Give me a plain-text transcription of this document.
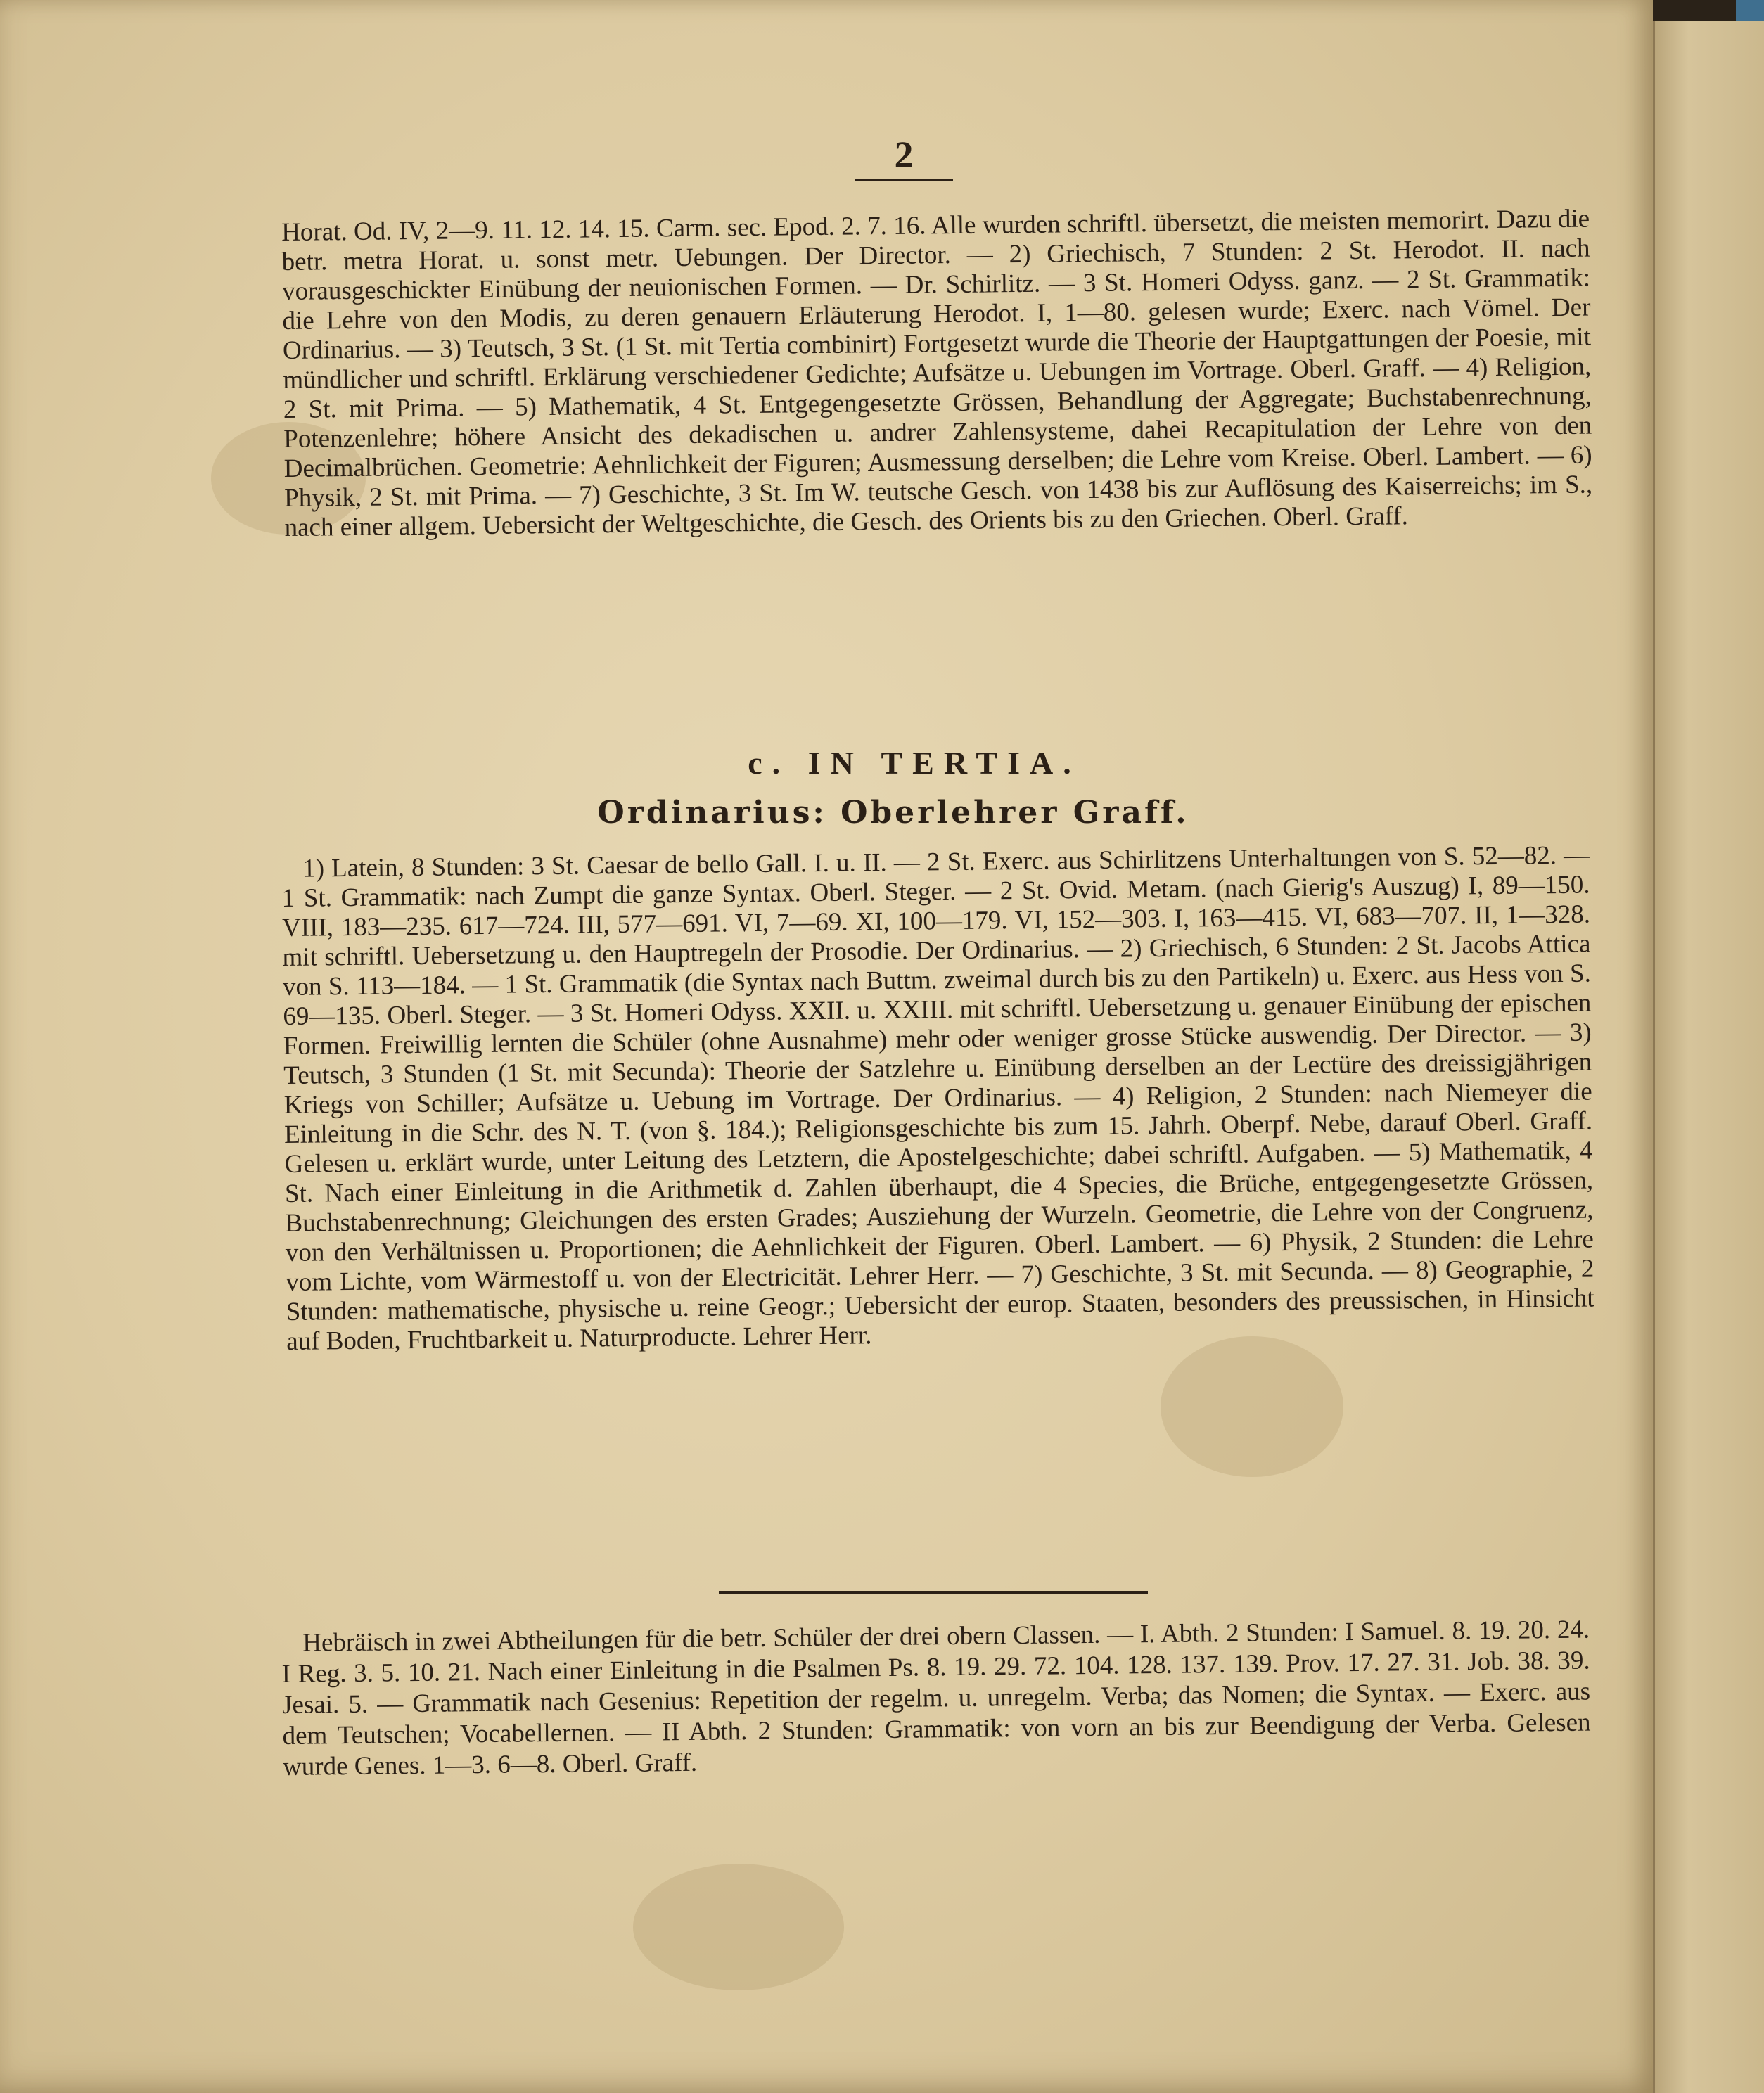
2

Horat. Od. IV, 2—9. 11. 12. 14. 15. Carm. sec. Epod. 2. 7. 16. Alle wurden schriftl. übersetzt, die meisten memorirt. Dazu die betr. metra Horat. u. sonst metr. Uebungen. Der Director. — 2) Griechisch, 7 Stunden: 2 St. Herodot. II. nach vorausgeschickter Einübung der neuionischen Formen. — Dr. Schirlitz. — 3 St. Homeri Odyss. ganz. — 2 St. Grammatik: die Lehre von den Modis, zu deren genauern Erläuterung Herodot. I, 1—80. gelesen wurde; Exerc. nach Vömel. Der Ordinarius. — 3) Teutsch, 3 St. (1 St. mit Tertia combinirt) Fortgesetzt wurde die Theorie der Hauptgattungen der Poesie, mit mündlicher und schriftl. Erklärung verschiedener Gedichte; Aufsätze u. Uebungen im Vortrage. Oberl. Graff. — 4) Religion, 2 St. mit Prima. — 5) Mathematik, 4 St. Entgegengesetzte Grössen, Behandlung der Aggregate; Buchstabenrechnung, Potenzenlehre; höhere Ansicht des dekadischen u. andrer Zahlensysteme, dahei Recapitulation der Lehre von den Decimalbrüchen. Geometrie: Aehnlichkeit der Figuren; Ausmessung derselben; die Lehre vom Kreise. Oberl. Lambert. — 6) Physik, 2 St. mit Prima. — 7) Geschichte, 3 St. Im W. teutsche Gesch. von 1438 bis zur Auflösung des Kaiserreichs; im S., nach einer allgem. Uebersicht der Weltgeschichte, die Gesch. des Orients bis zu den Griechen. Oberl. Graff.

c. IN TERTIA.
Ordinarius: Oberlehrer Graff.

1) Latein, 8 Stunden: 3 St. Caesar de bello Gall. I. u. II. — 2 St. Exerc. aus Schirlitzens Unterhaltungen von S. 52—82. — 1 St. Grammatik: nach Zumpt die ganze Syntax. Oberl. Steger. — 2 St. Ovid. Metam. (nach Gierig's Auszug) I, 89—150. VIII, 183—235. 617—724. III, 577—691. VI, 7—69. XI, 100—179. VI, 152—303. I, 163—415. VI, 683—707. II, 1—328. mit schriftl. Uebersetzung u. den Hauptregeln der Prosodie. Der Ordinarius. — 2) Griechisch, 6 Stunden: 2 St. Jacobs Attica von S. 113—184. — 1 St. Grammatik (die Syntax nach Buttm. zweimal durch bis zu den Partikeln) u. Exerc. aus Hess von S. 69—135. Oberl. Steger. — 3 St. Homeri Odyss. XXII. u. XXIII. mit schriftl. Uebersetzung u. genauer Einübung der epischen Formen. Freiwillig lernten die Schüler (ohne Ausnahme) mehr oder weniger grosse Stücke auswendig. Der Director. — 3) Teutsch, 3 Stunden (1 St. mit Secunda): Theorie der Satzlehre u. Einübung derselben an der Lectüre des dreissigjährigen Kriegs von Schiller; Aufsätze u. Uebung im Vortrage. Der Ordinarius. — 4) Religion, 2 Stunden: nach Niemeyer die Einleitung in die Schr. des N. T. (von §. 184.); Religionsgeschichte bis zum 15. Jahrh. Oberpf. Nebe, darauf Oberl. Graff. Gelesen u. erklärt wurde, unter Leitung des Letztern, die Apostelgeschichte; dabei schriftl. Aufgaben. — 5) Mathematik, 4 St. Nach einer Einleitung in die Arithmetik d. Zahlen überhaupt, die 4 Species, die Brüche, entgegengesetzte Grössen, Buchstabenrechnung; Gleichungen des ersten Grades; Ausziehung der Wurzeln. Geometrie, die Lehre von der Congruenz, von den Verhältnissen u. Proportionen; die Aehnlichkeit der Figuren. Oberl. Lambert. — 6) Physik, 2 Stunden: die Lehre vom Lichte, vom Wärmestoff u. von der Electricität. Lehrer Herr. — 7) Geschichte, 3 St. mit Secunda. — 8) Geographie, 2 Stunden: mathematische, physische u. reine Geogr.; Uebersicht der europ. Staaten, besonders des preussischen, in Hinsicht auf Boden, Fruchtbarkeit u. Naturproducte. Lehrer Herr.

Hebräisch in zwei Abtheilungen für die betr. Schüler der drei obern Classen. — I. Abth. 2 Stunden: I Samuel. 8. 19. 20. 24. I Reg. 3. 5. 10. 21. Nach einer Einleitung in die Psalmen Ps. 8. 19. 29. 72. 104. 128. 137. 139. Prov. 17. 27. 31. Job. 38. 39. Jesai. 5. — Grammatik nach Gesenius: Repetition der regelm. u. unregelm. Verba; das Nomen; die Syntax. — Exerc. aus dem Teutschen; Vocabellernen. — II Abth. 2 Stunden: Grammatik: von vorn an bis zur Beendigung der Verba. Gelesen wurde Genes. 1—3. 6—8. Oberl. Graff.
